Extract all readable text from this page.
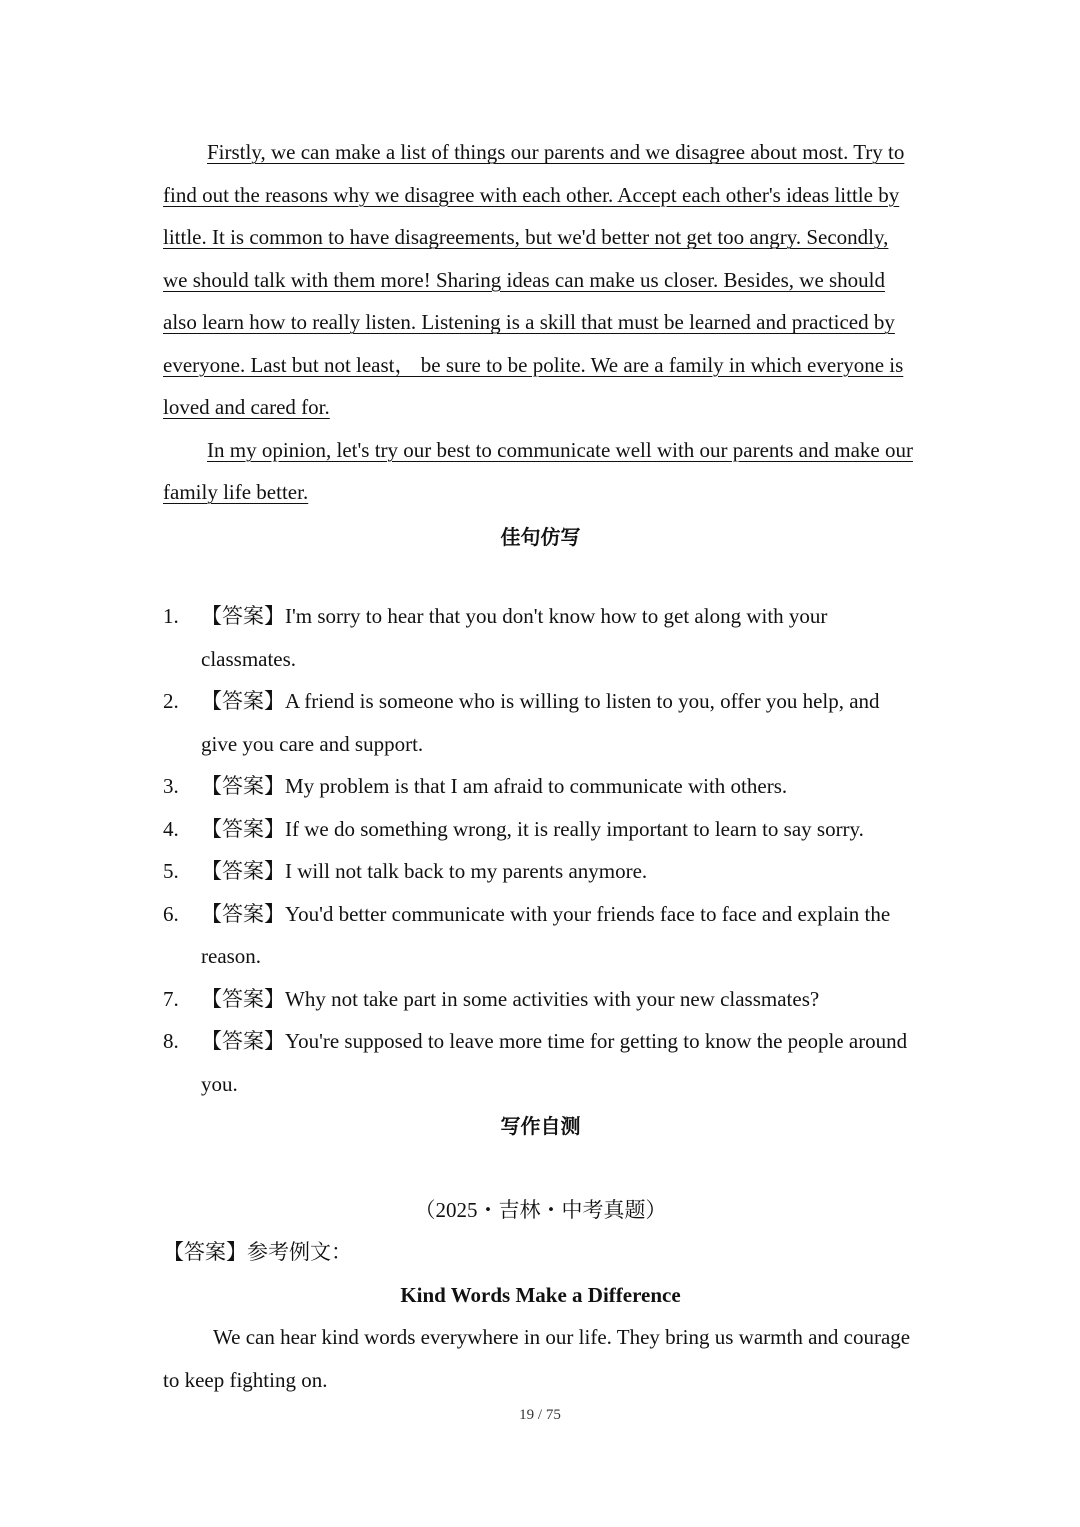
Firstly, we can make a list of things our parents and we disagree about most. Try to find out the reasons why we disagree with each other. Accept each other's ideas little by little. It is common to have disagreements, but we'd better not get too angry. Secondly, we should talk with them more! Sharing ideas can make us closer. Besides, we should also learn how to really listen. Listening is a skill that must be learned and practiced by everyone. Last but not least， be sure to be polite. We are a family in which everyone is loved and cared for.

In my opinion, let's try our best to communicate well with our parents and make our family life better.

佳句仿写
1. 【答案】I'm sorry to hear that you don't know how to get along with your classmates.
2. 【答案】A friend is someone who is willing to listen to you, offer you help, and give you care and support.
3. 【答案】My problem is that I am afraid to communicate with others.
4. 【答案】If we do something wrong, it is really important to learn to say sorry.
5. 【答案】I will not talk back to my parents anymore.
6. 【答案】You'd better communicate with your friends face to face and explain the reason.
7. 【答案】Why not take part in some activities with your new classmates?
8. 【答案】You're supposed to leave more time for getting to know the people around you.
写作自测

（2025・吉林・中考真题）

【答案】参考例文：

Kind Words Make a Difference

We can hear kind words everywhere in our life. They bring us warmth and courage to keep fighting on.

19 / 75
